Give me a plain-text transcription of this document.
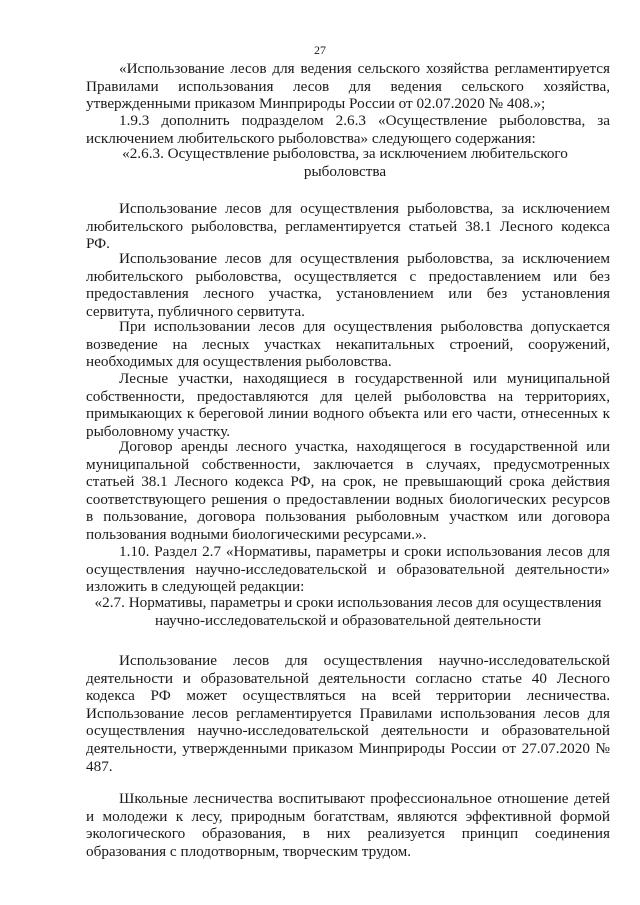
27
«Использование лесов для ведения сельского хозяйства регламентируется Правилами использования лесов для ведения сельского хозяйства, утвержденными приказом Минприроды России от 02.07.2020 № 408.»;
1.9.3 дополнить подразделом 2.6.3 «Осуществление рыболовства, за исключением любительского рыболовства» следующего содержания:
«2.6.3. Осуществление рыболовства, за исключением любительского рыболовства
Использование лесов для осуществления рыболовства, за исключением любительского рыболовства, регламентируется статьей 38.1 Лесного кодекса РФ.
Использование лесов для осуществления рыболовства, за исключением любительского рыболовства, осуществляется с предоставлением или без предоставления лесного участка, установлением или без установления сервитута, публичного сервитута.
При использовании лесов для осуществления рыболовства допускается возведение на лесных участках некапитальных строений, сооружений, необходимых для осуществления рыболовства.
Лесные участки, находящиеся в государственной или муниципальной собственности, предоставляются для целей рыболовства на территориях, примыкающих к береговой линии водного объекта или его части, отнесенных к рыболовному участку.
Договор аренды лесного участка, находящегося в государственной или муниципальной собственности, заключается в случаях, предусмотренных статьей 38.1 Лесного кодекса РФ, на срок, не превышающий срока действия соответствующего решения о предоставлении водных биологических ресурсов в пользование, договора пользования рыболовным участком или договора пользования водными биологическими ресурсами.».
1.10. Раздел 2.7 «Нормативы, параметры и сроки использования лесов для осуществления научно-исследовательской и образовательной деятельности» изложить в следующей редакции:
«2.7. Нормативы, параметры и сроки использования лесов для осуществления научно-исследовательской и образовательной деятельности
Использование лесов для осуществления научно-исследовательской деятельности и образовательной деятельности согласно статье 40 Лесного кодекса РФ может осуществляться на всей территории лесничества. Использование лесов регламентируется Правилами использования лесов для осуществления научно-исследовательской деятельности и образовательной деятельности, утвержденными приказом Минприроды России от 27.07.2020 № 487.
Школьные лесничества воспитывают профессиональное отношение детей и молодежи к лесу, природным богатствам, являются эффективной формой экологического образования, в них реализуется принцип соединения образования с плодотворным, творческим трудом.
